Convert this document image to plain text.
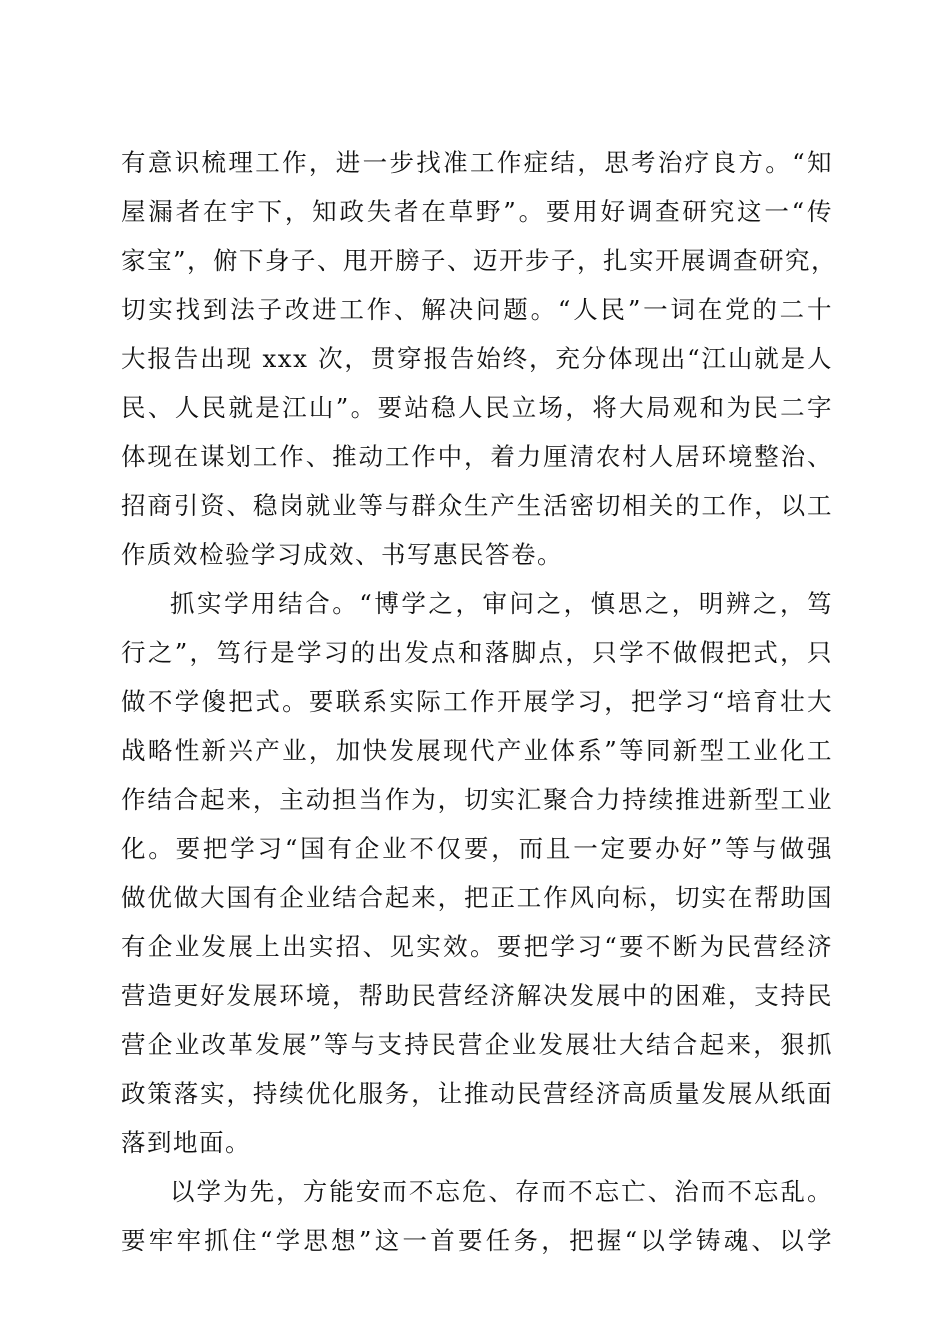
有意识梳理工作，进一步找准工作症结，思考治疗良方。“知
屋漏者在宇下，知政失者在草野”。要用好调查研究这一“传
家宝”，俯下身子、甩开膀子、迈开步子，扎实开展调查研究，
切实找到法子改进工作、解决问题。“人民”一词在党的二十
大报告出现 xxx 次，贯穿报告始终，充分体现出“江山就是人
民、人民就是江山”。要站稳人民立场，将大局观和为民二字
体现在谋划工作、推动工作中，着力厘清农村人居环境整治、
招商引资、稳岗就业等与群众生产生活密切相关的工作，以工
作质效检验学习成效、书写惠民答卷。
抓实学用结合。“博学之，审问之，慎思之，明辨之，笃
行之”，笃行是学习的出发点和落脚点，只学不做假把式，只
做不学傻把式。要联系实际工作开展学习，把学习“培育壮大
战略性新兴产业，加快发展现代产业体系”等同新型工业化工
作结合起来，主动担当作为，切实汇聚合力持续推进新型工业
化。要把学习“国有企业不仅要，而且一定要办好”等与做强
做优做大国有企业结合起来，把正工作风向标，切实在帮助国
有企业发展上出实招、见实效。要把学习“要不断为民营经济
营造更好发展环境，帮助民营经济解决发展中的困难，支持民
营企业改革发展”等与支持民营企业发展壮大结合起来，狠抓
政策落实，持续优化服务，让推动民营经济高质量发展从纸面
落到地面。
以学为先，方能安而不忘危、存而不忘亡、治而不忘乱。
要牢牢抓住“学思想”这一首要任务，把握“以学铸魂、以学
